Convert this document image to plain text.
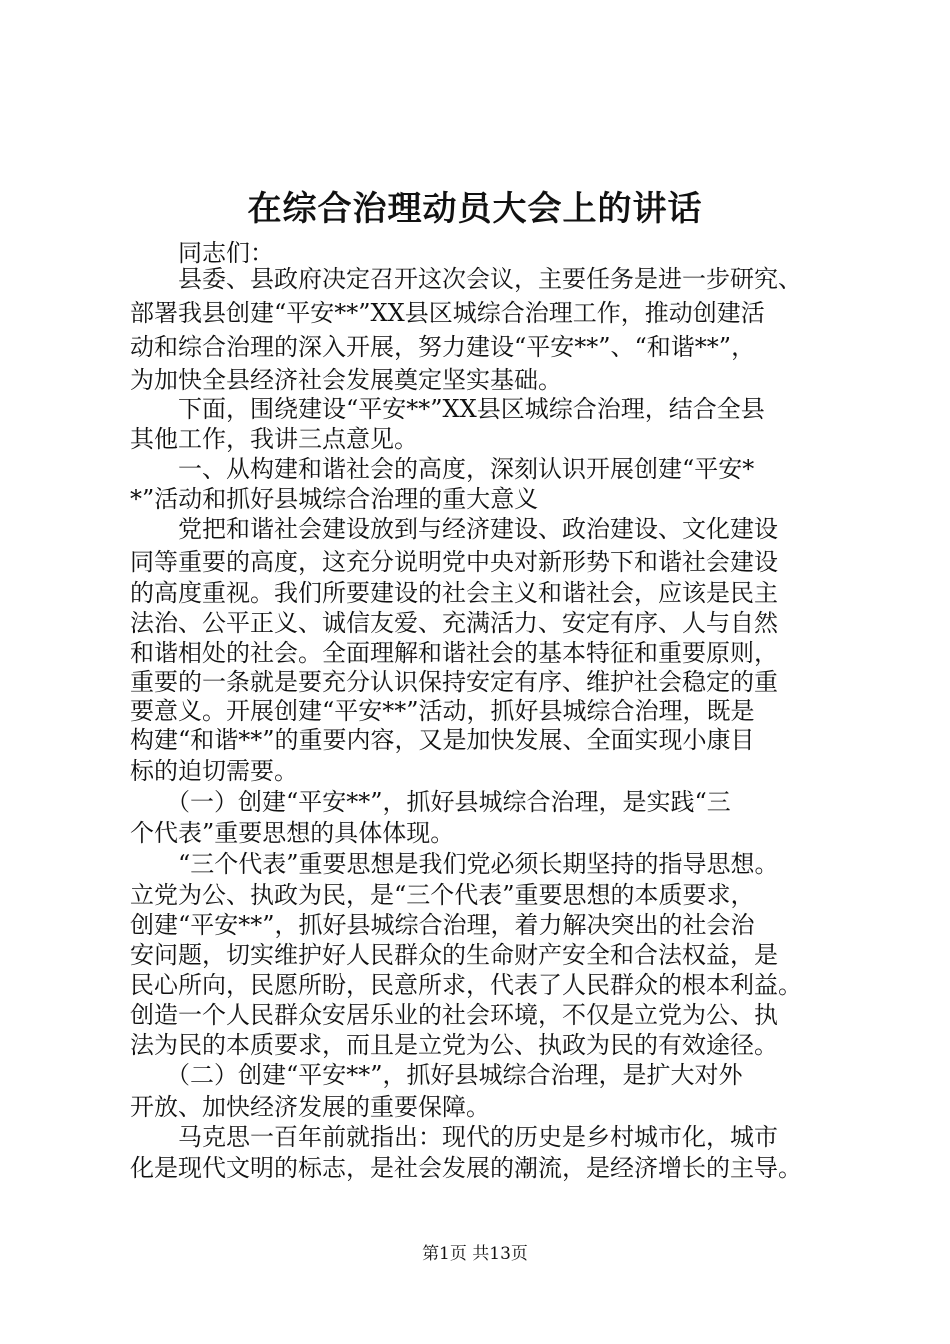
在综合治理动员大会上的讲话

　　同志们：

　　县委、县政府决定召开这次会议，主要任务是进一步研究、

部署我县创建“平安**”XX县区城综合治理工作，推动创建活

动和综合治理的深入开展，努力建设“平安**”、“和谐**”，

为加快全县经济社会发展奠定坚实基础。

　　下面，围绕建设“平安**”XX县区城综合治理，结合全县

其他工作，我讲三点意见。

　　一、从构建和谐社会的高度，深刻认识开展创建“平安*

*”活动和抓好县城综合治理的重大意义

　　党把和谐社会建设放到与经济建设、政治建设、文化建设

同等重要的高度，这充分说明党中央对新形势下和谐社会建设

的高度重视。我们所要建设的社会主义和谐社会，应该是民主

法治、公平正义、诚信友爱、充满活力、安定有序、人与自然

和谐相处的社会。全面理解和谐社会的基本特征和重要原则，

重要的一条就是要充分认识保持安定有序、维护社会稳定的重

要意义。开展创建“平安**”活动，抓好县城综合治理，既是

构建“和谐**”的重要内容，又是加快发展、全面实现小康目

标的迫切需要。

　　（一）创建“平安**”，抓好县城综合治理，是实践“三

个代表”重要思想的具体体现。

　　“三个代表”重要思想是我们党必须长期坚持的指导思想。

立党为公、执政为民，是“三个代表”重要思想的本质要求，

创建“平安**”，抓好县城综合治理，着力解决突出的社会治

安问题，切实维护好人民群众的生命财产安全和合法权益，是

民心所向，民愿所盼，民意所求，代表了人民群众的根本利益。

创造一个人民群众安居乐业的社会环境，不仅是立党为公、执

法为民的本质要求，而且是立党为公、执政为民的有效途径。

　　（二）创建“平安**”，抓好县城综合治理，是扩大对外

开放、加快经济发展的重要保障。

　　马克思一百年前就指出：现代的历史是乡村城市化，城市

化是现代文明的标志，是社会发展的潮流，是经济增长的主导。

第1页 共13页
